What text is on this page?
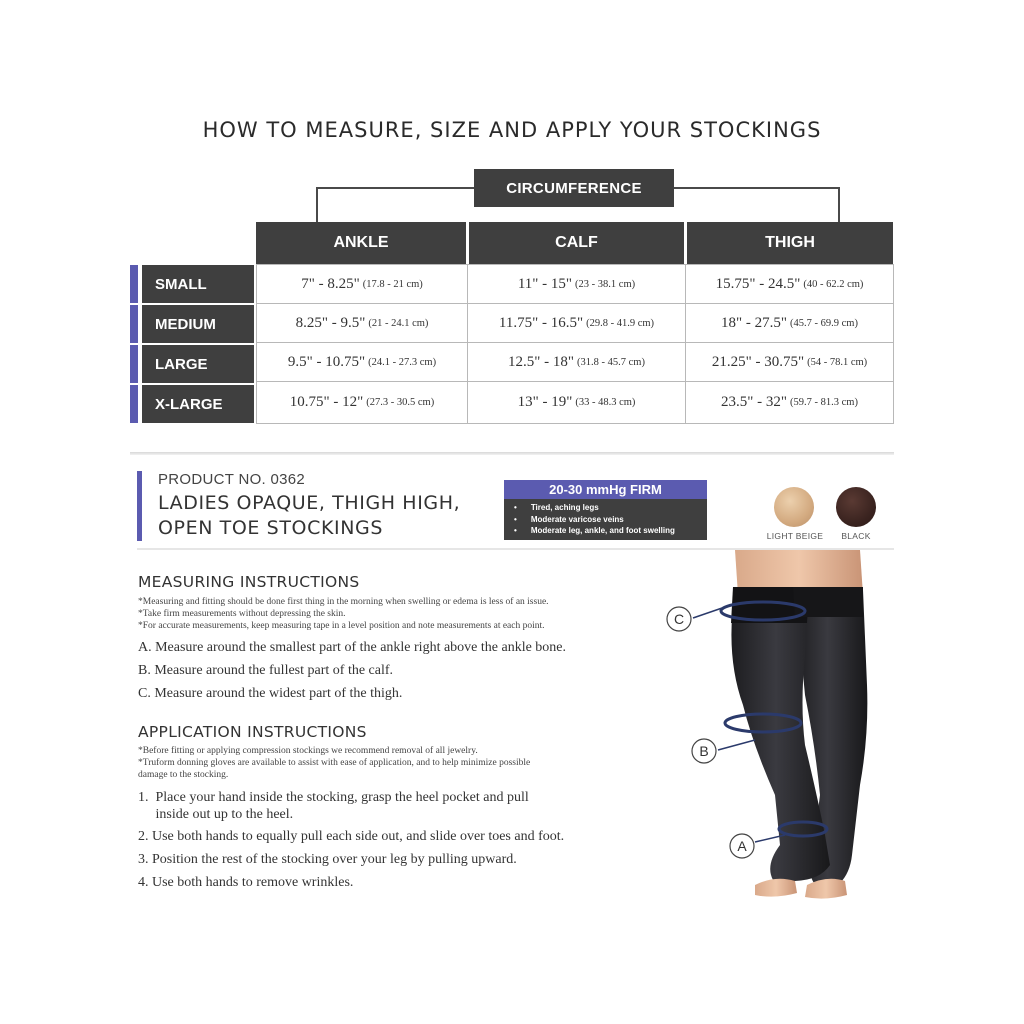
HOW TO MEASURE, SIZE AND APPLY YOUR STOCKINGS
CIRCUMFERENCE
ANKLE	CALF	THIGH
SMALL	7" - 8.25" (17.8 - 21 cm)	11" - 15" (23 - 38.1 cm)	15.75" - 24.5" (40 - 62.2 cm)
MEDIUM	8.25" - 9.5" (21 - 24.1 cm)	11.75" - 16.5" (29.8 - 41.9 cm)	18" - 27.5" (45.7 - 69.9 cm)
LARGE	9.5" - 10.75" (24.1 - 27.3 cm)	12.5" - 18" (31.8 - 45.7 cm)	21.25" - 30.75" (54 - 78.1 cm)
X-LARGE	10.75" - 12" (27.3 - 30.5 cm)	13" - 19" (33 - 48.3 cm)	23.5" - 32" (59.7 - 81.3 cm)
PRODUCT NO. 0362
LADIES OPAQUE, THIGH HIGH,
OPEN TOE STOCKINGS
20-30 mmHg FIRM
• Tired, aching legs
• Moderate varicose veins
• Moderate leg, ankle, and foot swelling
LIGHT BEIGE	BLACK
MEASURING INSTRUCTIONS
*Measuring and fitting should be done first thing in the morning when swelling or edema is less of an issue.
*Take firm measurements without depressing the skin.
*For accurate measurements, keep measuring tape in a level position and note measurements at each point.
A. Measure around the smallest part of the ankle right above the ankle bone.
B. Measure around the fullest part of the calf.
C. Measure around the widest part of the thigh.
APPLICATION INSTRUCTIONS
*Before fitting or applying compression stockings we recommend removal of all jewelry.
*Truform donning gloves are available to assist with ease of application, and to help minimize possible
damage to the stocking.
1.  Place your hand inside the stocking, grasp the heel pocket and pull
inside out up to the heel.
2. Use both hands to equally pull each side out, and slide over toes and foot.
3. Position the rest of the stocking over your leg by pulling upward.
4. Use both hands to remove wrinkles.
C
B
A
